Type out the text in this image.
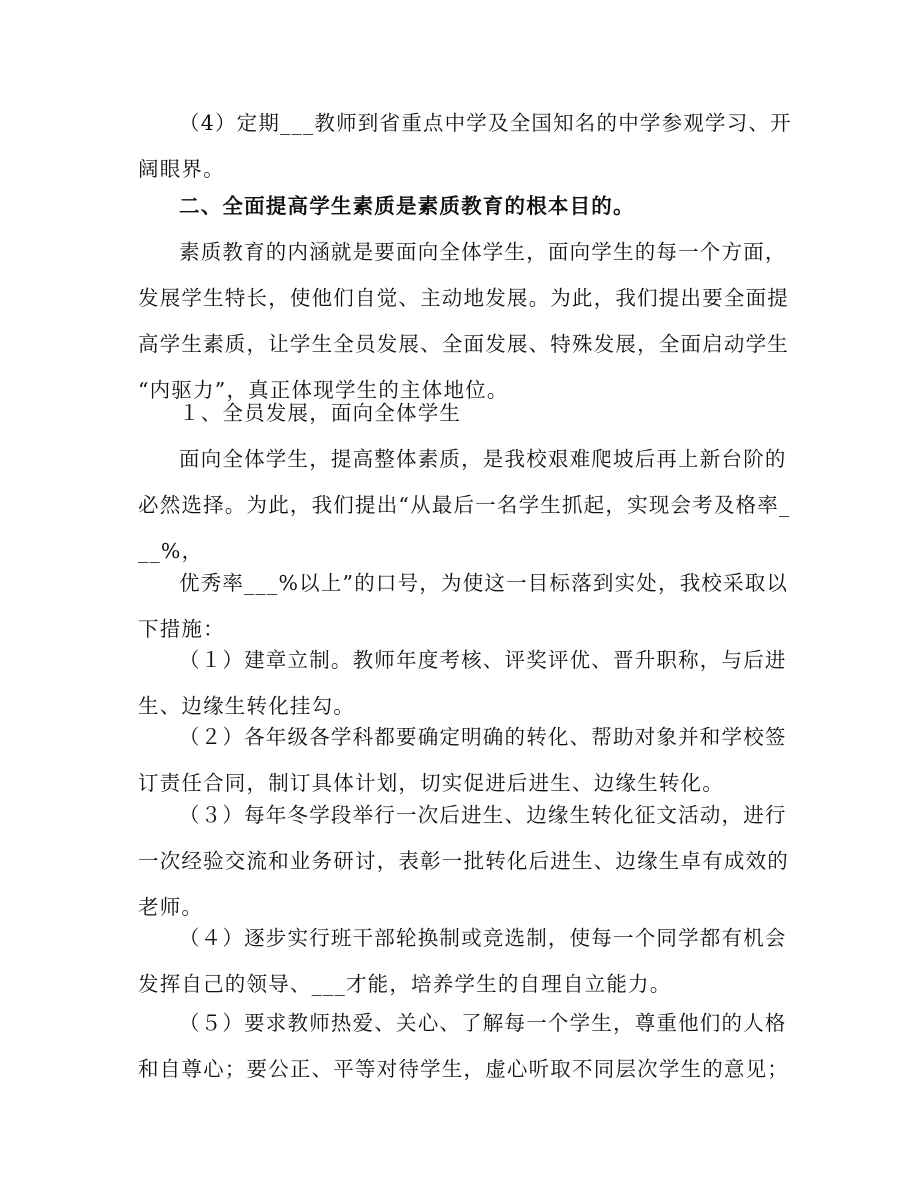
（4）定期___教师到省重点中学及全国知名的中学参观学习、开
阔眼界。

二、全面提高学生素质是素质教育的根本目的。

素质教育的内涵就是要面向全体学生，面向学生的每一个方面，
发展学生特长，使他们自觉、主动地发展。为此，我们提出要全面提
高学生素质，让学生全员发展、全面发展、特殊发展，全面启动学生
“内驱力”，真正体现学生的主体地位。

１、全员发展，面向全体学生

面向全体学生，提高整体素质，是我校艰难爬坡后再上新台阶的
必然选择。为此，我们提出“从最后一名学生抓起，实现会考及格率_
__%，

优秀率___%以上”的口号，为使这一目标落到实处，我校采取以
下措施：

（１）建章立制。教师年度考核、评奖评优、晋升职称，与后进
生、边缘生转化挂勾。

（２）各年级各学科都要确定明确的转化、帮助对象并和学校签
订责任合同，制订具体计划，切实促进后进生、边缘生转化。

（３）每年冬学段举行一次后进生、边缘生转化征文活动，进行
一次经验交流和业务研讨，表彰一批转化后进生、边缘生卓有成效的
老师。

（４）逐步实行班干部轮换制或竞选制，使每一个同学都有机会
发挥自己的领导、___才能，培养学生的自理自立能力。

（５）要求教师热爱、关心、了解每一个学生，尊重他们的人格
和自尊心；要公正、平等对待学生，虚心听取不同层次学生的意见；
